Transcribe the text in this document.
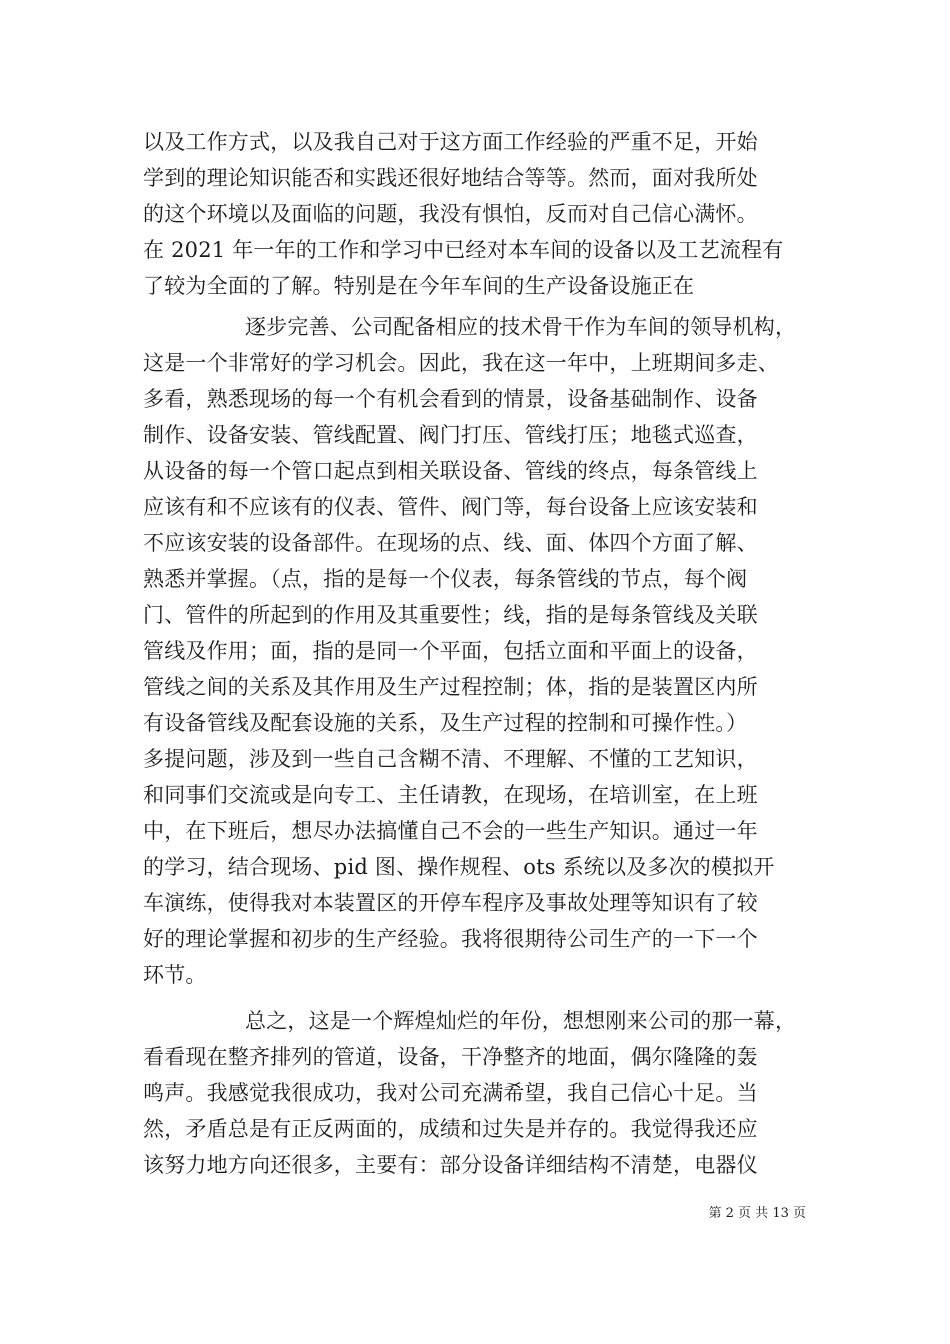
以及工作方式，以及我自己对于这方面工作经验的严重不足，开始
学到的理论知识能否和实践还很好地结合等等。然而，面对我所处
的这个环境以及面临的问题，我没有惧怕，反而对自己信心满怀。
在 2021 年一年的工作和学习中已经对本车间的设备以及工艺流程有
了较为全面的了解。特别是在今年车间的生产设备设施正在
逐步完善、公司配备相应的技术骨干作为车间的领导机构，
这是一个非常好的学习机会。因此，我在这一年中，上班期间多走、
多看，熟悉现场的每一个有机会看到的情景，设备基础制作、设备
制作、设备安装、管线配置、阀门打压、管线打压；地毯式巡查，
从设备的每一个管口起点到相关联设备、管线的终点，每条管线上
应该有和不应该有的仪表、管件、阀门等，每台设备上应该安装和
不应该安装的设备部件。在现场的点、线、面、体四个方面了解、
熟悉并掌握。（点，指的是每一个仪表，每条管线的节点，每个阀
门、管件的所起到的作用及其重要性；线，指的是每条管线及关联
管线及作用；面，指的是同一个平面，包括立面和平面上的设备，
管线之间的关系及其作用及生产过程控制；体，指的是装置区内所
有设备管线及配套设施的关系，及生产过程的控制和可操作性。）
多提问题，涉及到一些自己含糊不清、不理解、不懂的工艺知识，
和同事们交流或是向专工、主任请教，在现场，在培训室，在上班
中，在下班后，想尽办法搞懂自己不会的一些生产知识。通过一年
的学习，结合现场、pid 图、操作规程、ots 系统以及多次的模拟开
车演练，使得我对本装置区的开停车程序及事故处理等知识有了较
好的理论掌握和初步的生产经验。我将很期待公司生产的一下一个
环节。
总之，这是一个辉煌灿烂的年份，想想刚来公司的那一幕，
看看现在整齐排列的管道，设备，干净整齐的地面，偶尔隆隆的轰
鸣声。我感觉我很成功，我对公司充满希望，我自己信心十足。当
然，矛盾总是有正反两面的，成绩和过失是并存的。我觉得我还应
该努力地方向还很多，主要有：部分设备详细结构不清楚，电器仪
第 2 页 共 13 页
